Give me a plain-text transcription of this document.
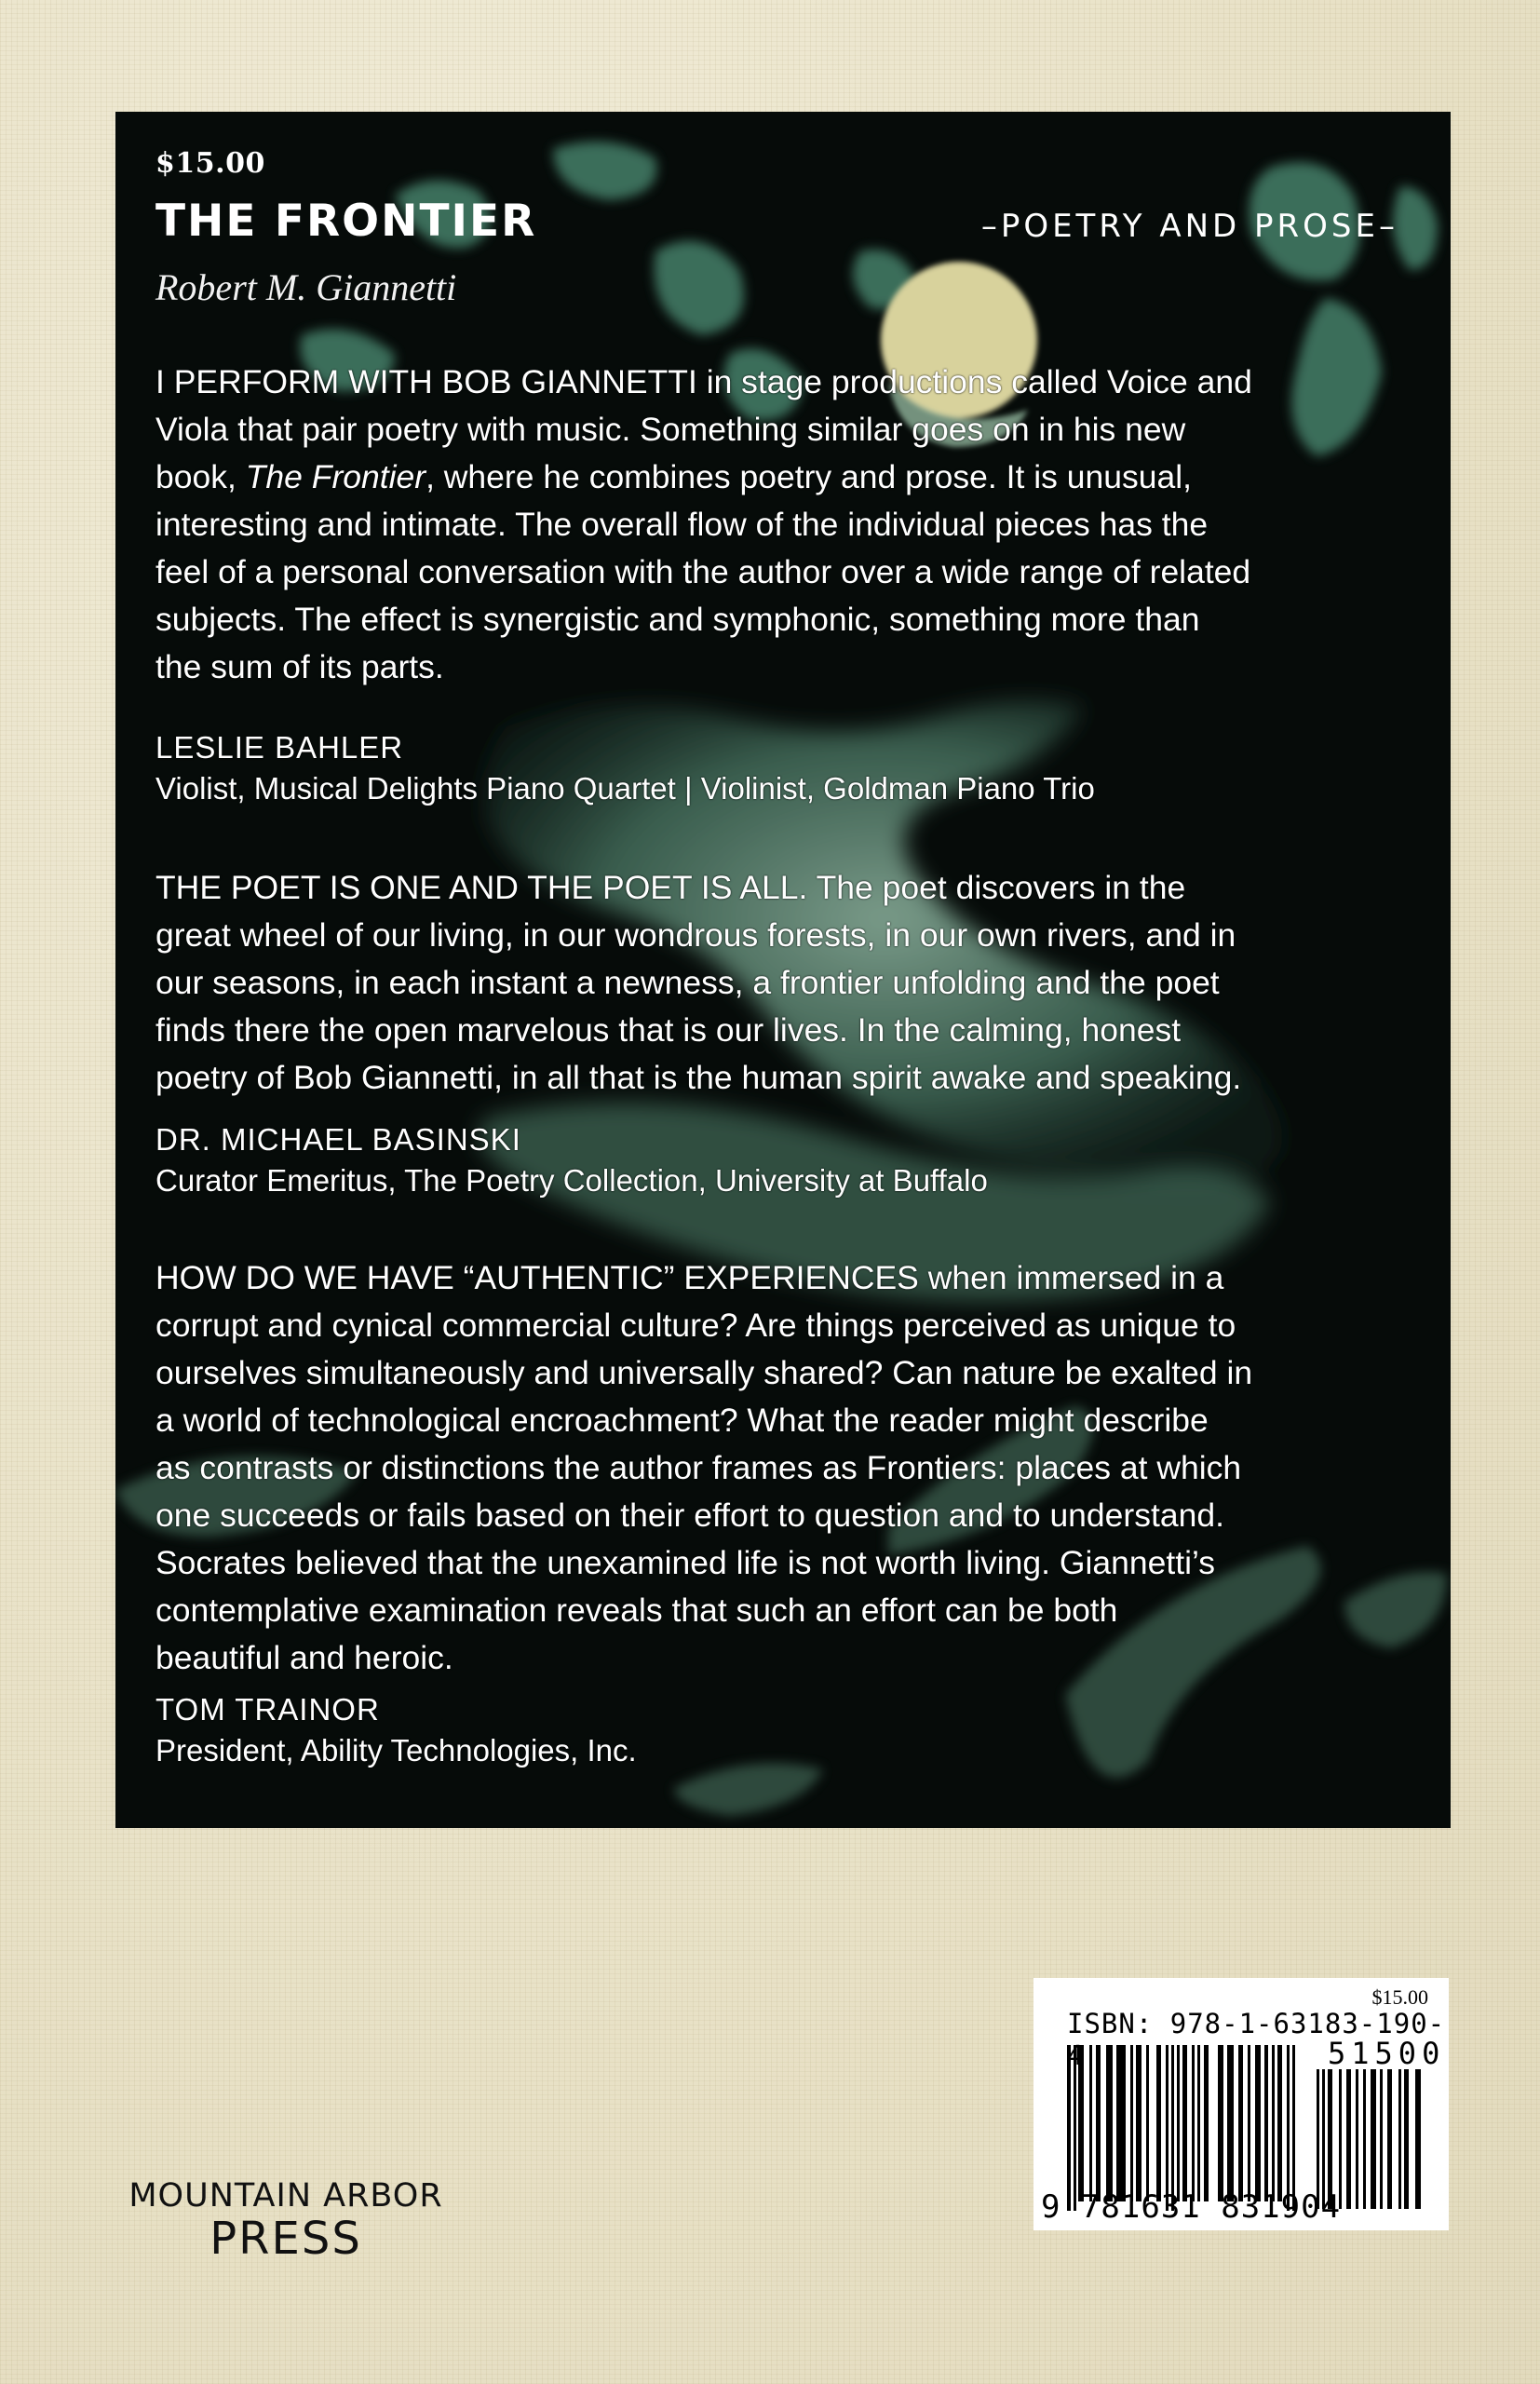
$15.00
THE FRONTIER	–POETRY AND PROSE–
Robert M. Giannetti
I PERFORM WITH BOB GIANNETTI in stage productions called Voice and
Viola that pair poetry with music. Something similar goes on in his new
book, The Frontier, where he combines poetry and prose. It is unusual,
interesting and intimate. The overall flow of the individual pieces has the
feel of a personal conversation with the author over a wide range of related
subjects. The effect is synergistic and symphonic, something more than
the sum of its parts.
LESLIE BAHLER
Violist, Musical Delights Piano Quartet | Violinist, Goldman Piano Trio
THE POET IS ONE AND THE POET IS ALL. The poet discovers in the
great wheel of our living, in our wondrous forests, in our own rivers, and in
our seasons, in each instant a newness, a frontier unfolding and the poet
finds there the open marvelous that is our lives. In the calming, honest
poetry of Bob Giannetti, in all that is the human spirit awake and speaking.
DR. MICHAEL BASINSKI
Curator Emeritus, The Poetry Collection, University at Buffalo
HOW DO WE HAVE “AUTHENTIC” EXPERIENCES when immersed in a
corrupt and cynical commercial culture? Are things perceived as unique to
ourselves simultaneously and universally shared? Can nature be exalted in
a world of technological encroachment? What the reader might describe
as contrasts or distinctions the author frames as Frontiers: places at which
one succeeds or fails based on their effort to question and to understand.
Socrates believed that the unexamined life is not worth living. Giannetti’s
contemplative examination reveals that such an effort can be both
beautiful and heroic.
TOM TRAINOR
President, Ability Technologies, Inc.
$15.00
ISBN: 978-1-63183-190-4	51500
9 781631 831904
MOUNTAIN ARBOR
PRESS
